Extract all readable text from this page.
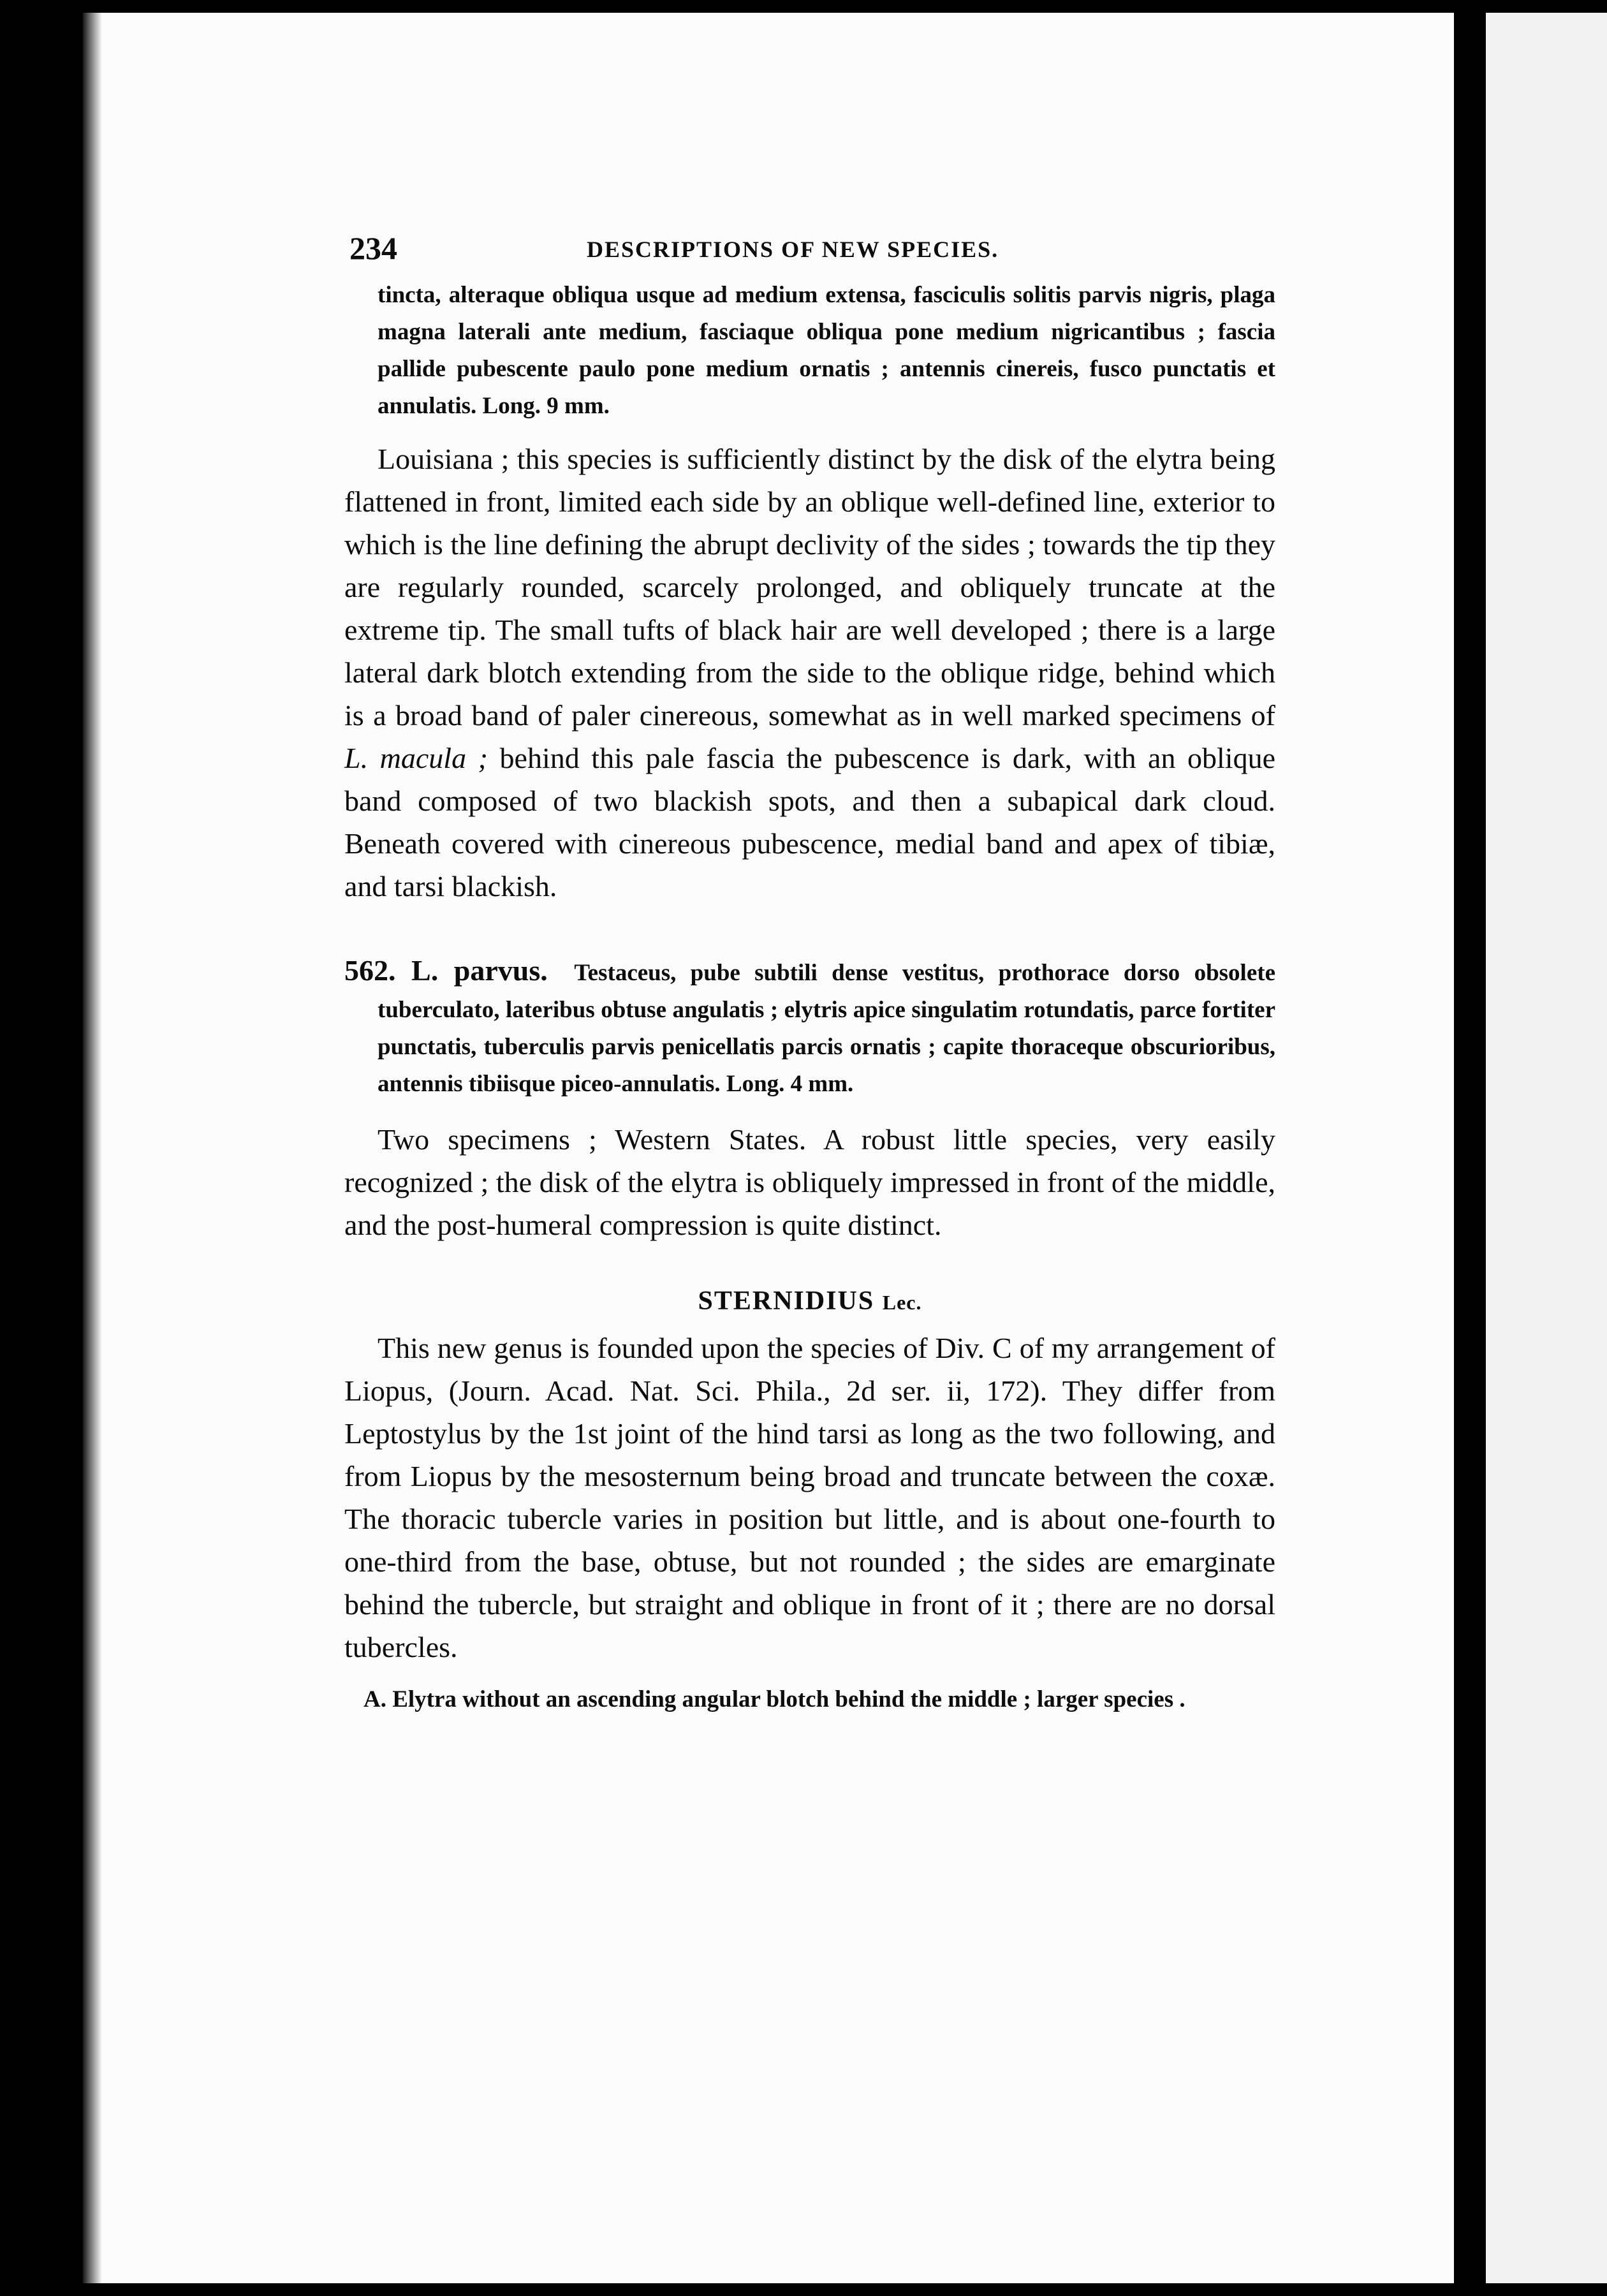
234	DESCRIPTIONS OF NEW SPECIES.
tincta, alteraque obliqua usque ad medium extensa, fasciculis solitis parvis nigris, plaga magna laterali ante medium, fasciaque obliqua pone medium nigricantibus ; fascia pallide pubescente paulo pone medium ornatis ; antennis cinereis, fusco punctatis et annulatis. Long. 9 mm.
Louisiana ; this species is sufficiently distinct by the disk of the elytra being flattened in front, limited each side by an oblique well-defined line, exterior to which is the line defining the abrupt declivity of the sides ; towards the tip they are regularly rounded, scarcely prolonged, and obliquely truncate at the extreme tip. The small tufts of black hair are well developed ; there is a large lateral dark blotch extending from the side to the oblique ridge, behind which is a broad band of paler cinereous, somewhat as in well marked specimens of L. macula ; behind this pale fascia the pubescence is dark, with an oblique band composed of two blackish spots, and then a subapical dark cloud. Beneath covered with cinereous pubescence, medial band and apex of tibiæ, and tarsi blackish.
562. L. parvus. Testaceus, pube subtili dense vestitus, prothorace dorso obsolete tuberculato, lateribus obtuse angulatis ; elytris apice singulatim rotundatis, parce fortiter punctatis, tuberculis parvis penicellatis parcis ornatis ; capite thoraceque obscurioribus, antennis tibiisque piceo-annulatis. Long. 4 mm.
Two specimens ; Western States. A robust little species, very easily recognized ; the disk of the elytra is obliquely impressed in front of the middle, and the post-humeral compression is quite distinct.
STERNIDIUS Lec.
This new genus is founded upon the species of Div. C of my arrangement of Liopus, (Journ. Acad. Nat. Sci. Phila., 2d ser. ii, 172). They differ from Leptostylus by the 1st joint of the hind tarsi as long as the two following, and from Liopus by the mesosternum being broad and truncate between the coxæ. The thoracic tubercle varies in position but little, and is about one-fourth to one-third from the base, obtuse, but not rounded ; the sides are emarginate behind the tubercle, but straight and oblique in front of it ; there are no dorsal tubercles.
A. Elytra without an ascending angular blotch behind the middle ; larger species .
